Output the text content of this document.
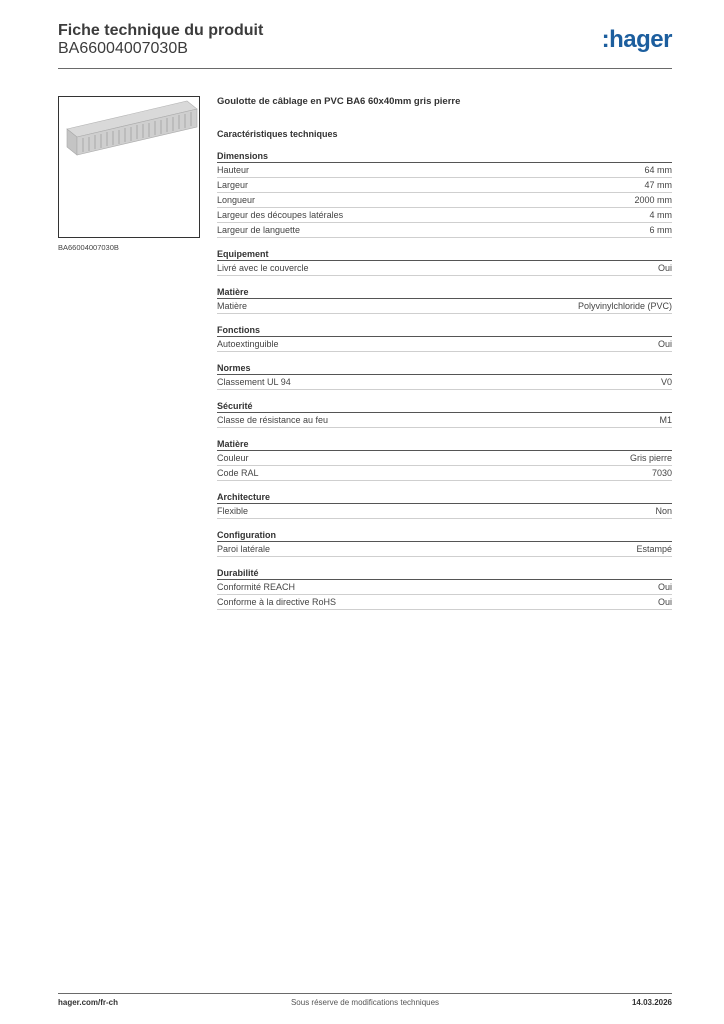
Fiche technique du produit
BA66004007030B	:hager
BA66004007030B
Goulotte de câblage en PVC BA6 60x40mm gris pierre
Caractéristiques techniques
Dimensions
Hauteur	64 mm
Largeur	47 mm
Longueur	2000 mm
Largeur des découpes latérales	4 mm
Largeur de languette	6 mm
Equipement
Livré avec le couvercle	Oui
Matière
Matière	Polyvinylchloride (PVC)
Fonctions
Autoextinguible	Oui
Normes
Classement UL 94	V0
Sécurité
Classe de résistance au feu	M1
Matière
Couleur	Gris pierre
Code RAL	7030
Architecture
Flexible	Non
Configuration
Paroi latérale	Estampé
Durabilité
Conformité REACH	Oui
Conforme à la directive RoHS	Oui
Sous réserve de modifications techniques
hager.com/fr-ch	14.03.2026
